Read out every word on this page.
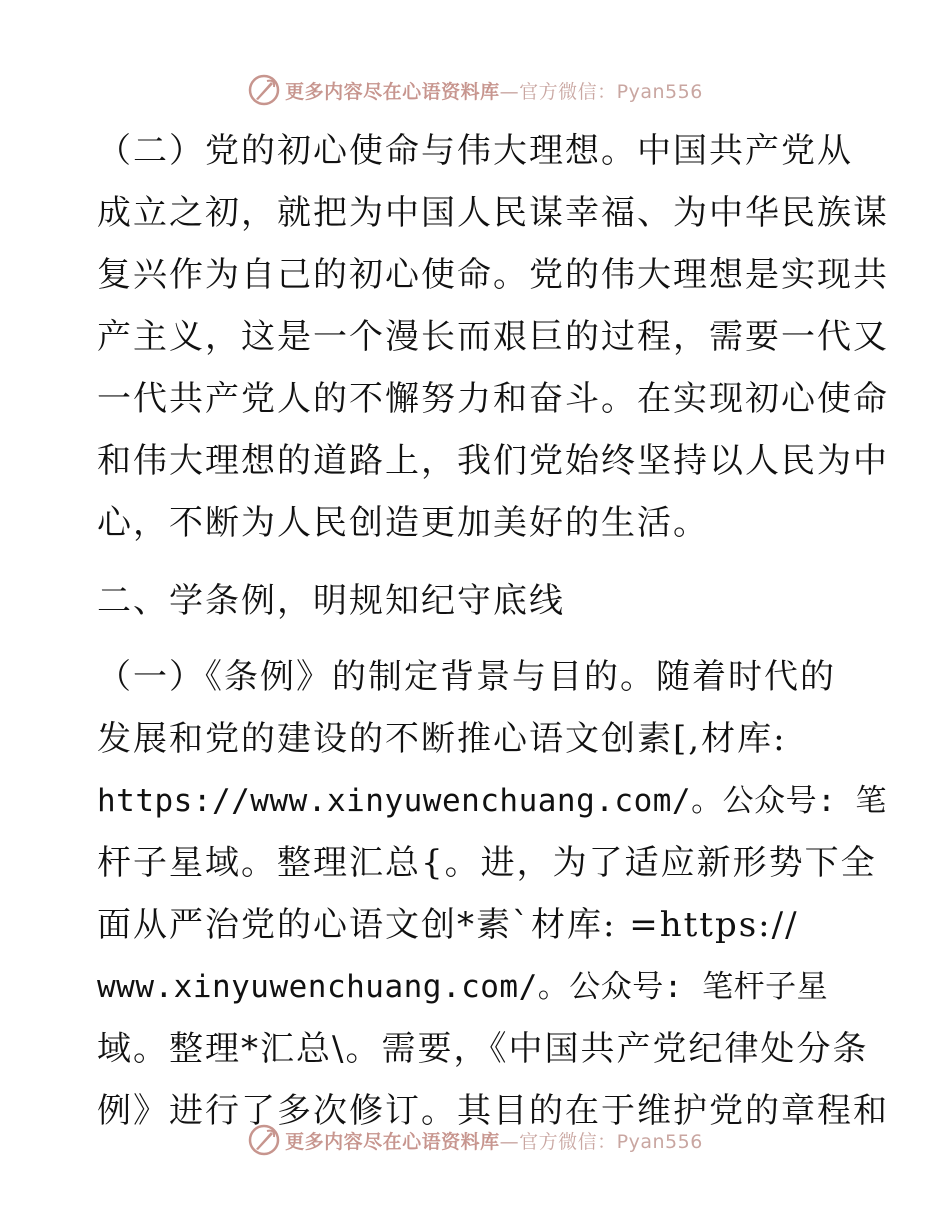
更多内容尽在心语资料库—官方微信：Pyan556
（二）党的初心使命与伟大理想。中国共产党从
成立之初，就把为中国人民谋幸福、为中华民族谋
复兴作为自己的初心使命。党的伟大理想是实现共
产主义，这是一个漫长而艰巨的过程，需要一代又
一代共产党人的不懈努力和奋斗。在实现初心使命
和伟大理想的道路上，我们党始终坚持以人民为中
心，不断为人民创造更加美好的生活。
二、学条例，明规知纪守底线
（一）《条例》的制定背景与目的。随着时代的
发展和党的建设的不断推心语文创素[,材库:
https://www.xinyuwenchuang.com/。公众号: 笔
杆子星域。整理汇总{。进，为了适应新形势下全
面从严治党的心语文创*素`材库: =https://
www.xinyuwenchuang.com/。公众号: 笔杆子星
域。整理*汇总\。需要，《中国共产党纪律处分条
例》进行了多次修订。其目的在于维护党的章程和
更多内容尽在心语资料库—官方微信：Pyan556
